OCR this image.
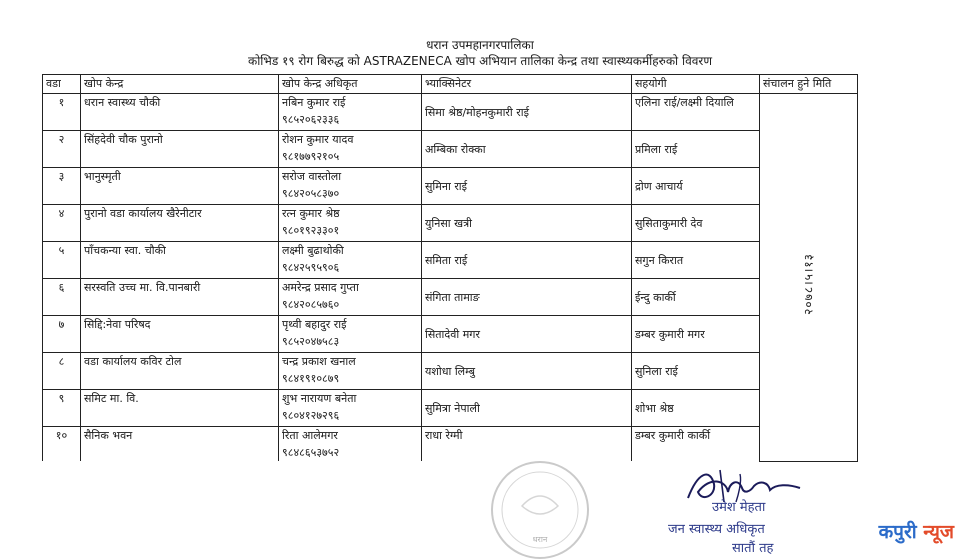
धरान उपमहानगरपालिका
कोभिड १९ रोग बिरुद्ध को ASTRAZENECA खोप अभियान तालिका केन्द्र तथा स्वास्थ्यकर्मीहरुको विवरण
वडा	खोप केन्द्र	खोप केन्द्र अधिकृत	भ्याक्सिनेटर	सहयोगी	संचालन हुने मिति
१	धरान स्वास्थ्य चौकी	नबिन कुमार राई
९८५२०६२३३६	सिमा श्रेष्ठ/मोहनकुमारी राई	एलिना राई/लक्ष्मी दियालि	२०७८।५।१३

२	सिंहदेवी चौक पुरानो	रोशन कुमार यादव
९८१७७९२१०५	अम्बिका रोक्का	प्रमिला राई	
३	भानुस्मृती	सरोज वास्तोला
९८४२०५८३७०	सुमिना राई	द्रोण आचार्य	
४	पुरानो वडा कार्यालय खैरेनीटार	रत्न कुमार श्रेष्ठ
९८०१९२३३०१	युनिसा खत्री	सुसिताकुमारी देव	
५	पाँचकन्या स्वा. चौकी	लक्ष्मी बुढाथोकी
९८४२५९५९०६	समिता राई	सगुन किरात	
६	सरस्वति उच्च मा. वि.पानबारी	अमरेन्द्र प्रसाद गुप्ता
९८४२०८५७६०	संगिता तामाङ	ईन्दु कार्की	
७	सिद्दि:नेवा परिषद	पृथ्वी बहादुर राई
९८५२०४७५८३	सितादेवी मगर	डम्बर कुमारी मगर	
८	वडा कार्यालय कविर टोल	चन्द्र प्रकाश खनाल
९८४१९१०८७९	यशोधा लिम्बु	सुनिला राई	
९	समिट मा. वि.	शुभ नारायण बनेता
९८०४१२७२९६	सुमित्रा नेपाली	शोभा श्रेष्ठ	
१०	सैनिक भवन	रिता आलेमगर
९८४८६५३७५२	राधा रेग्मी	डम्बर कुमारी कार्की	
धरान
उमेश मेहता
जन स्वास्थ्य अधिकृत
सातौं तह
कपुरी न्यूज
